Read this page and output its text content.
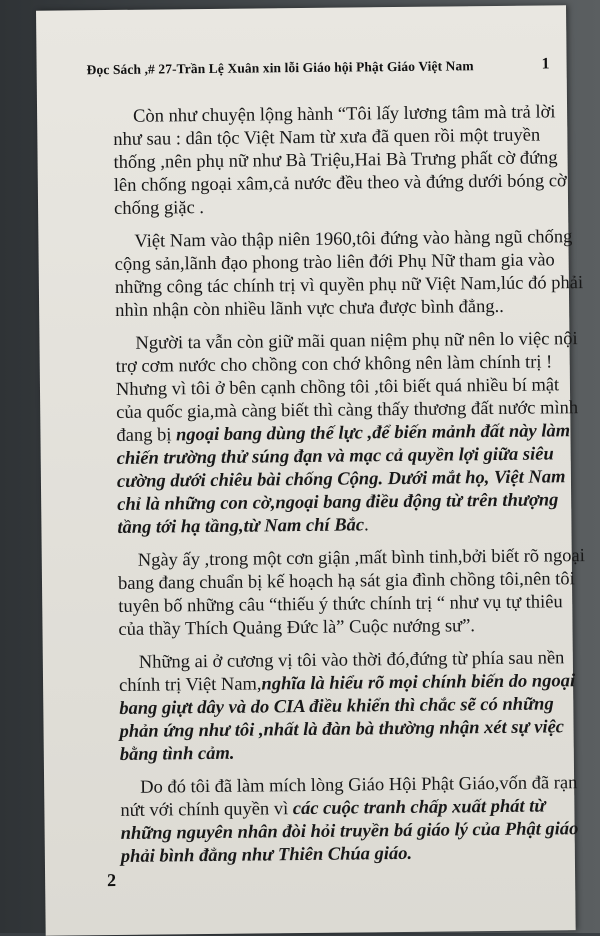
Đọc Sách ,# 27-Trần Lệ Xuân xin lỗi Giáo hội Phật Giáo Việt Nam	1

Còn như chuyện lộng hành “Tôi lấy lương tâm mà trả lời như sau : dân tộc Việt Nam từ xưa đã quen rồi một truyền thống ,nên phụ nữ như Bà Triệu,Hai Bà Trưng phất cờ đứng lên chống ngoại xâm,cả nước đều theo và đứng dưới bóng cờ chống giặc .

Việt Nam vào thập niên 1960,tôi đứng vào hàng ngũ chống cộng sản,lãnh đạo phong trào liên đới Phụ Nữ tham gia vào những công tác chính trị vì quyền phụ nữ Việt Nam,lúc đó phải nhìn nhận còn nhiều lãnh vực chưa được bình đẳng..

Người ta vẫn còn giữ mãi quan niệm phụ nữ nên lo việc nội trợ cơm nước cho chồng con chớ không nên làm chính trị ! Nhưng vì tôi ở bên cạnh chồng tôi ,tôi biết quá nhiều bí mật của quốc gia,mà càng biết thì càng thấy thương đất nước mình đang bị ngoại bang dùng thế lực ,để biến mảnh đất này làm chiến trường thử súng đạn và mạc cả quyền lợi giữa siêu cường dưới chiêu bài chống Cộng. Dưới mắt họ, Việt Nam chỉ là những con cờ,ngoại bang điều động từ trên thượng tầng tới hạ tầng,từ Nam chí Bắc.

Ngày ấy ,trong một cơn giận ,mất bình tinh,bởi biết rõ ngoại bang đang chuẩn bị kế hoạch hạ sát gia đình chồng tôi,nên tôi tuyên bố những câu “thiếu ý thức chính trị “ như vụ tự thiêu của thầy Thích Quảng Đức là” Cuộc nướng sư”.

Những ai ở cương vị tôi vào thời đó,đứng từ phía sau nền chính trị Việt Nam,nghĩa là hiểu rõ mọi chính biến do ngoại bang giựt dây và do CIA điều khiển thì chắc sẽ có những phản ứng như tôi ,nhất là đàn bà thường nhận xét sự việc bằng tình cảm.

Do đó tôi đã làm mích lòng Giáo Hội Phật Giáo,vốn đã rạn nứt với chính quyền vì các cuộc tranh chấp xuất phát từ những nguyên nhân đòi hỏi truyền bá giáo lý của Phật giáo phải bình đẳng như Thiên Chúa giáo.

2
